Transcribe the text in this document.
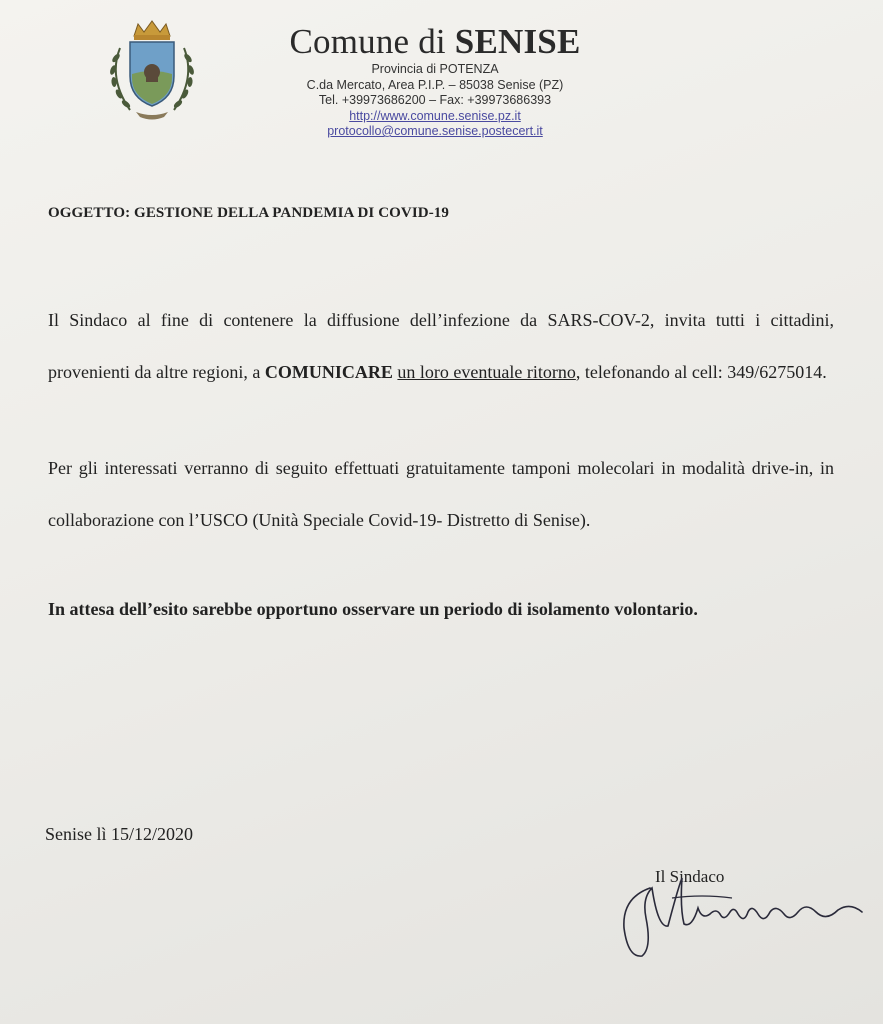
Comune di SENISE
Provincia di POTENZA
C.da Mercato, Area P.I.P. – 85038 Senise (PZ)
Tel. +39973686200 – Fax: +39973686393
http://www.comune.senise.pz.it
protocollo@comune.senise.postecert.it
OGGETTO: GESTIONE DELLA PANDEMIA DI COVID-19
Il Sindaco al fine di contenere la diffusione dell’infezione da SARS-COV-2, invita tutti i cittadini, provenienti da altre regioni, a COMUNICARE un loro eventuale ritorno, telefonando al cell: 349/6275014.
Per gli interessati verranno di seguito effettuati gratuitamente tamponi molecolari in modalità drive-in, in collaborazione con l’USCO (Unità Speciale Covid-19- Distretto di Senise).
In attesa dell’esito sarebbe opportuno osservare un periodo di isolamento volontario.
Senise lì 15/12/2020
Il Sindaco
